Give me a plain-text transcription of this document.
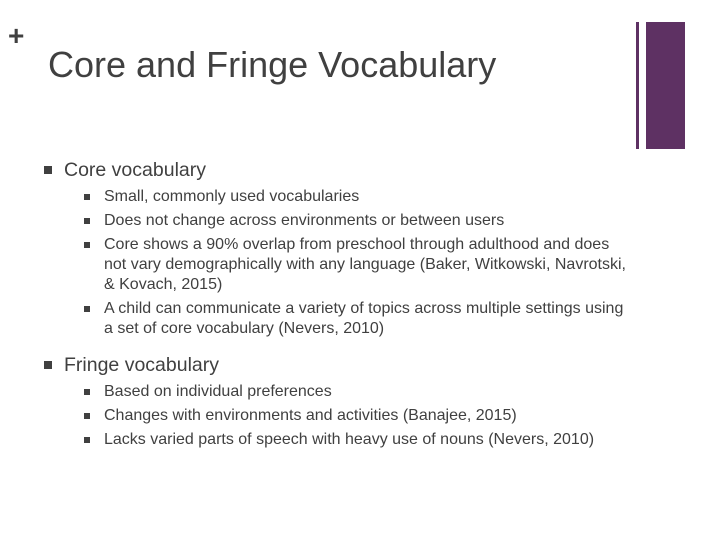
+
Core and Fringe Vocabulary
Core vocabulary
Small, commonly used vocabularies
Does not change across environments or between users
Core shows a 90% overlap from preschool through adulthood and does not vary demographically with any language (Baker, Witkowski, Navrotski, & Kovach, 2015)
A child can communicate a variety of topics across multiple settings using a set of core vocabulary (Nevers, 2010)
Fringe vocabulary
Based on individual preferences
Changes with environments and activities (Banajee, 2015)
Lacks varied parts of speech with heavy use of nouns (Nevers, 2010)
